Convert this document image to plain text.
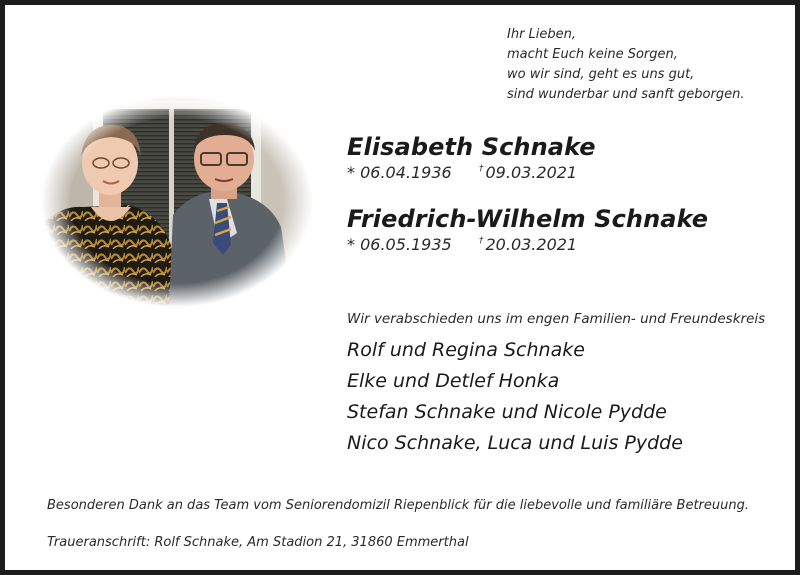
Ihr Lieben,
macht Euch keine Sorgen,
wo wir sind, geht es uns gut,
sind wunderbar und sanft geborgen.
Elisabeth Schnake
* 06.04.1936	† 09.03.2021
Friedrich-Wilhelm Schnake
* 06.05.1935	† 20.03.2021
Wir verabschieden uns im engen Familien- und Freundeskreis
Rolf und Regina Schnake
Elke und Detlef Honka
Stefan Schnake und Nicole Pydde
Nico Schnake, Luca und Luis Pydde
Besonderen Dank an das Team vom Seniorendomizil Riepenblick für die liebevolle und familiäre Betreuung.
Traueranschrift: Rolf Schnake, Am Stadion 21, 31860 Emmerthal
